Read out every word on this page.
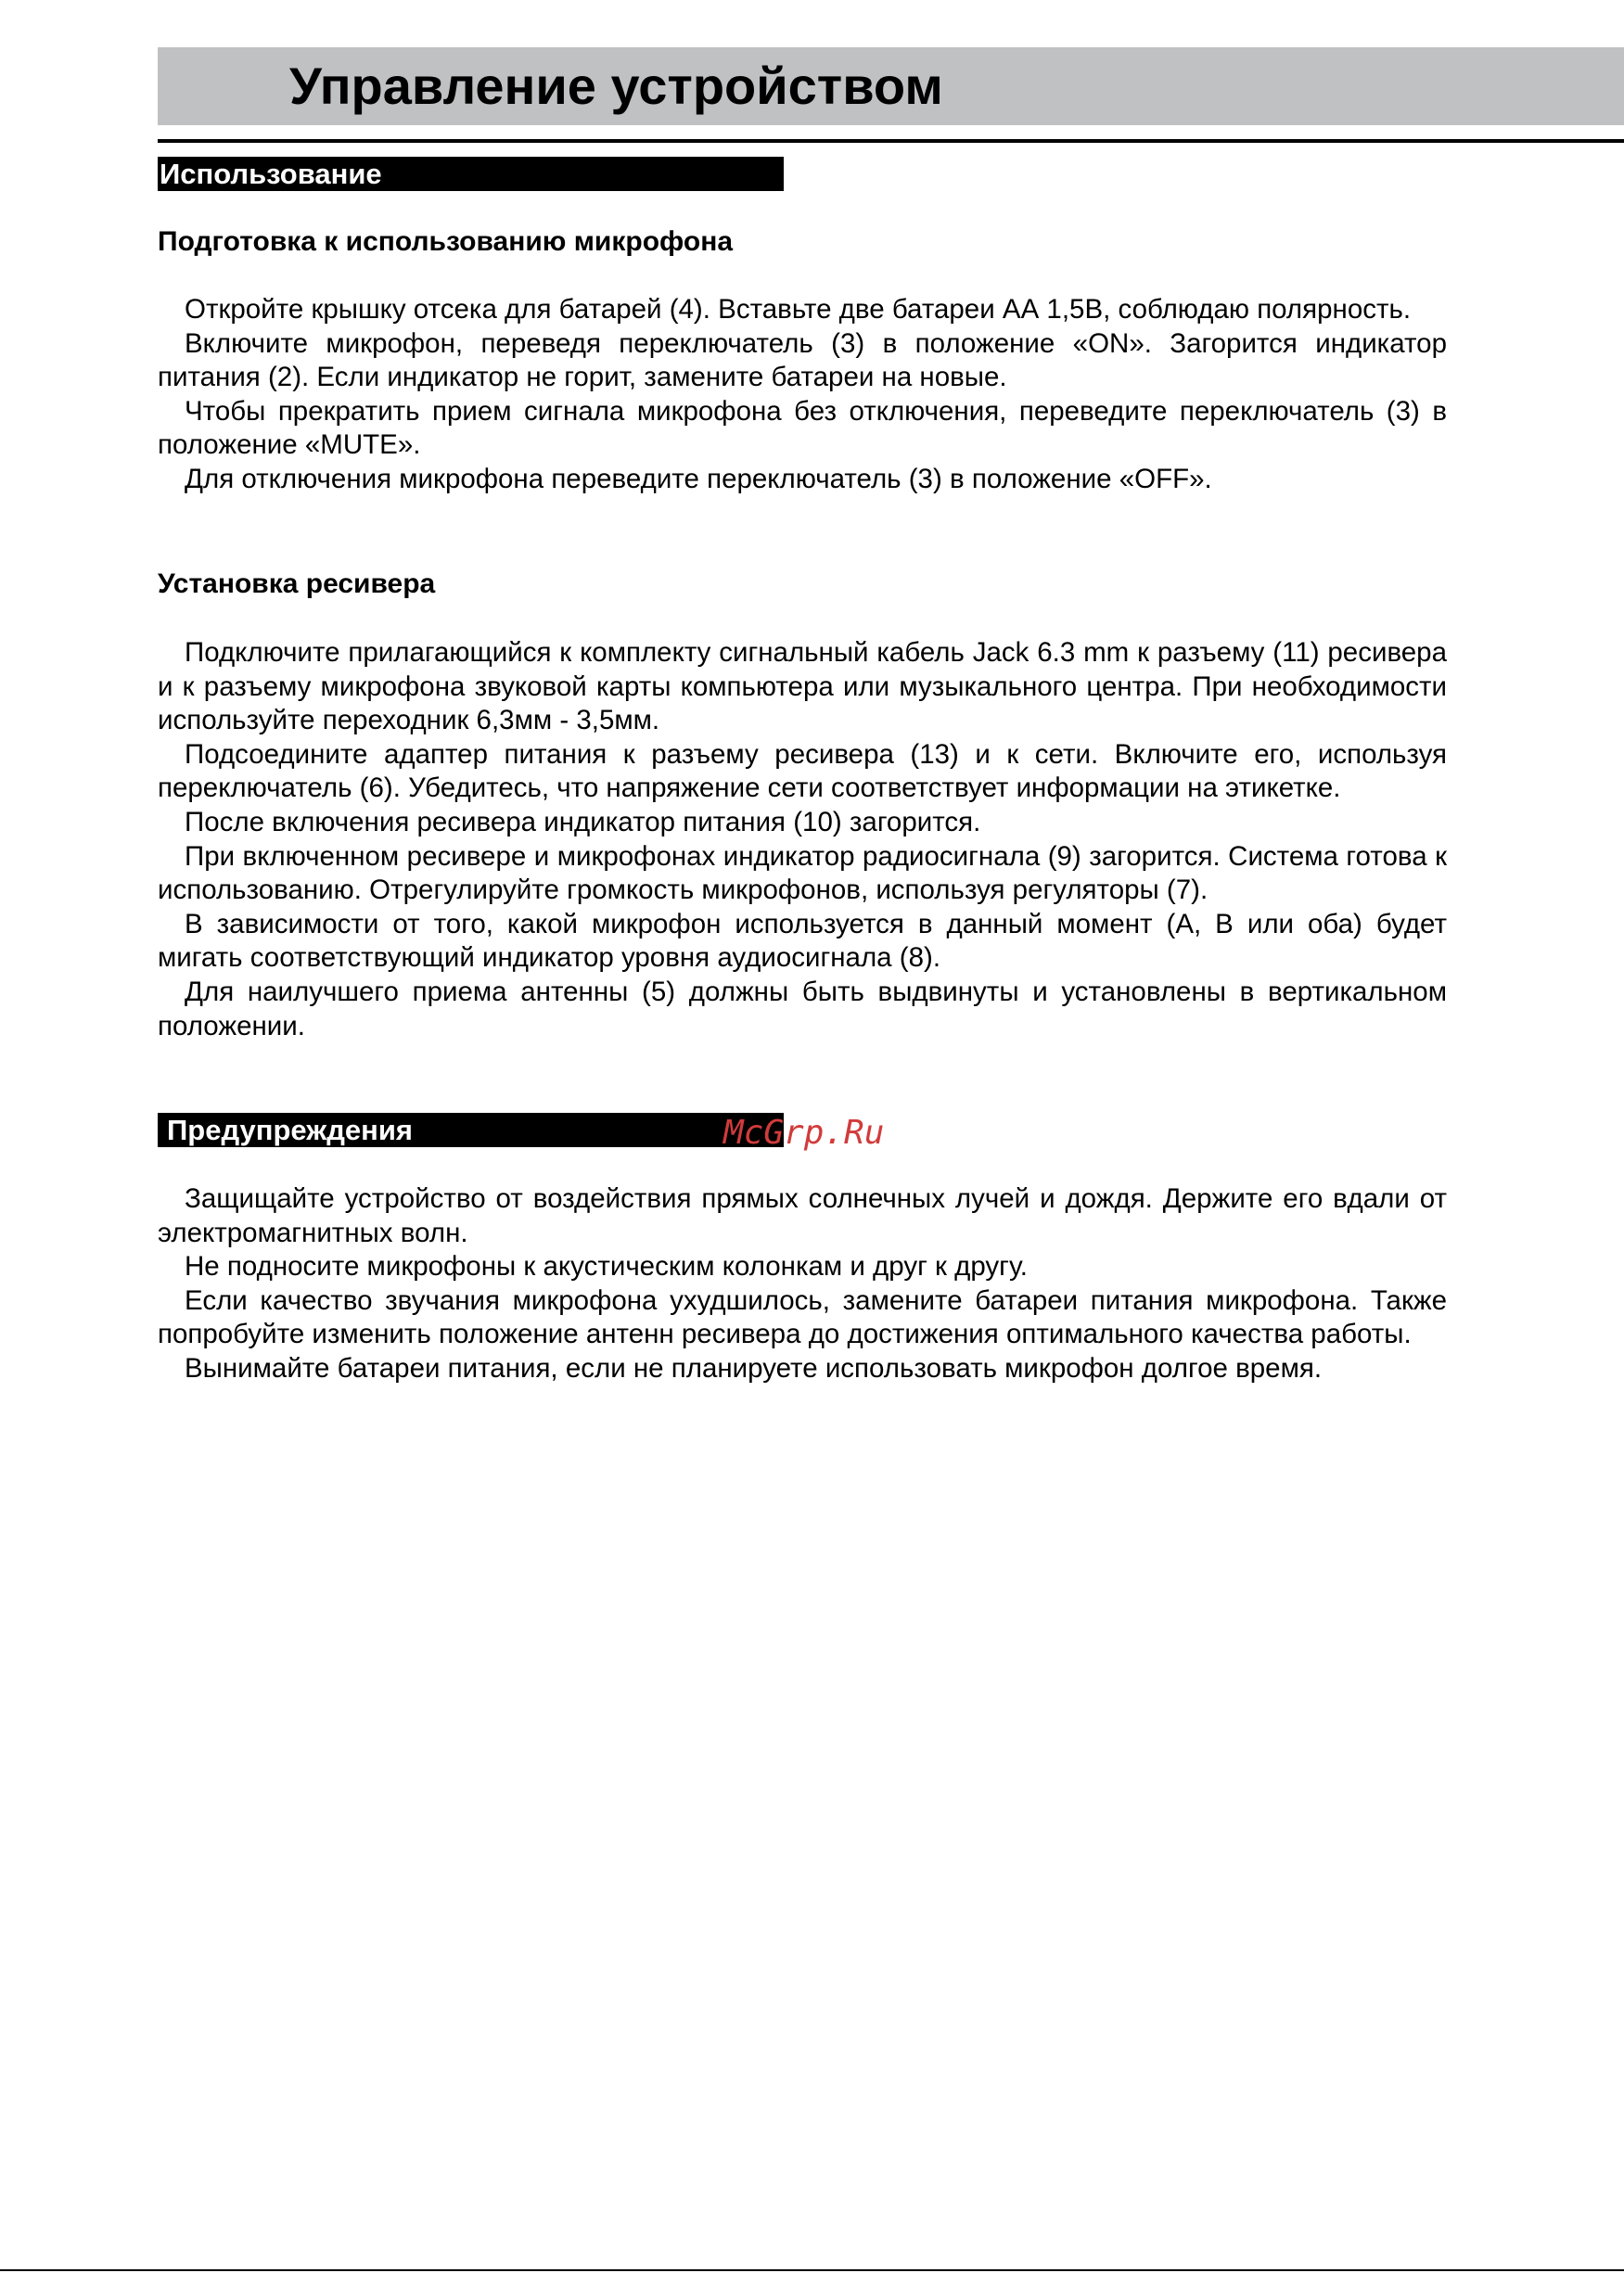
Управление устройством
Использование
Подготовка к использованию микрофона

Откройте крышку отсека для батарей (4). Вставьте две батареи АА 1,5В, соблюдаю полярность.

Включите микрофон, переведя переключатель (3) в положение «ON». Загорится индикатор питания (2). Если индикатор не горит, замените батареи на новые.

Чтобы прекратить прием сигнала микрофона без отключения, переведите переключатель (3) в положение «MUTE».

Для отключения микрофона переведите переключатель (3) в положение «OFF».

Установка ресивера

Подключите прилагающийся к комплекту сигнальный кабель Jack 6.3 mm к разъему (11) ресивера и к разъему микрофона звуковой карты компьютера или музыкального центра. При необходимости используйте переходник 6,3мм - 3,5мм.

Подсоедините адаптер питания к разъему ресивера (13) и к сети. Включите его, используя переключатель (6). Убедитесь, что напряжение сети соответствует информации на этикетке.

После включения ресивера индикатор питания (10) загорится.

При включенном ресивере и микрофонах индикатор радиосигнала (9) загорится. Система готова к использованию. Отрегулируйте громкость микрофонов, используя регуляторы (7).

В зависимости от того, какой микрофон используется в данный момент (А, В или оба) будет мигать соответствующий индикатор уровня аудиосигнала (8).

Для наилучшего приема антенны (5) должны быть выдвинуты и установлены в вертикальном положении.

Предупреждения	McGrp.Ru

Защищайте устройство от воздействия прямых солнечных лучей и дождя. Держите его вдали от электромагнитных волн.

Не подносите микрофоны к акустическим колонкам и друг к другу.

Если качество звучания микрофона ухудшилось, замените батареи питания микрофона. Также попробуйте изменить положение антенн ресивера до достижения оптимального качества работы.

Вынимайте батареи питания, если не планируете использовать микрофон долгое время.
